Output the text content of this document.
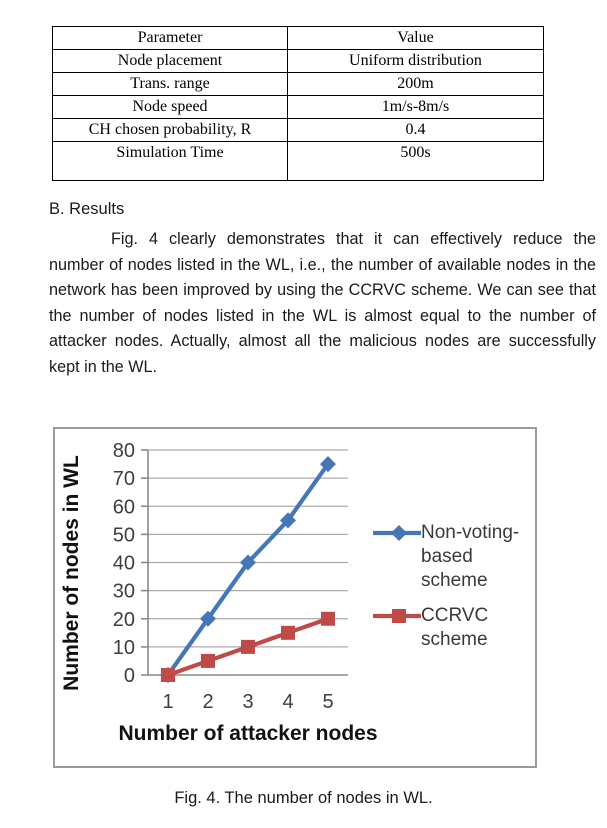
Parameter	Value
Node placement	Uniform distribution
Trans. range	200m
Node speed	1m/s-8m/s
CH chosen probability, R	0.4
Simulation Time	500s
B. Results
Fig. 4 clearly demonstrates that it can effectively reduce the number of nodes listed in the WL, i.e., the number of available nodes in the network has been improved by using the CCRVC scheme. We can see that the number of nodes listed in the WL is almost equal to the number of attacker nodes. Actually, almost all the malicious nodes are successfully kept in the WL.
0
10
20
30
40
50
60
70
80
1 2 3 4 5
Number of nodes in WL
Number of attacker nodes
Non-voting-based scheme
CCRVC scheme
Fig. 4. The number of nodes in WL.
